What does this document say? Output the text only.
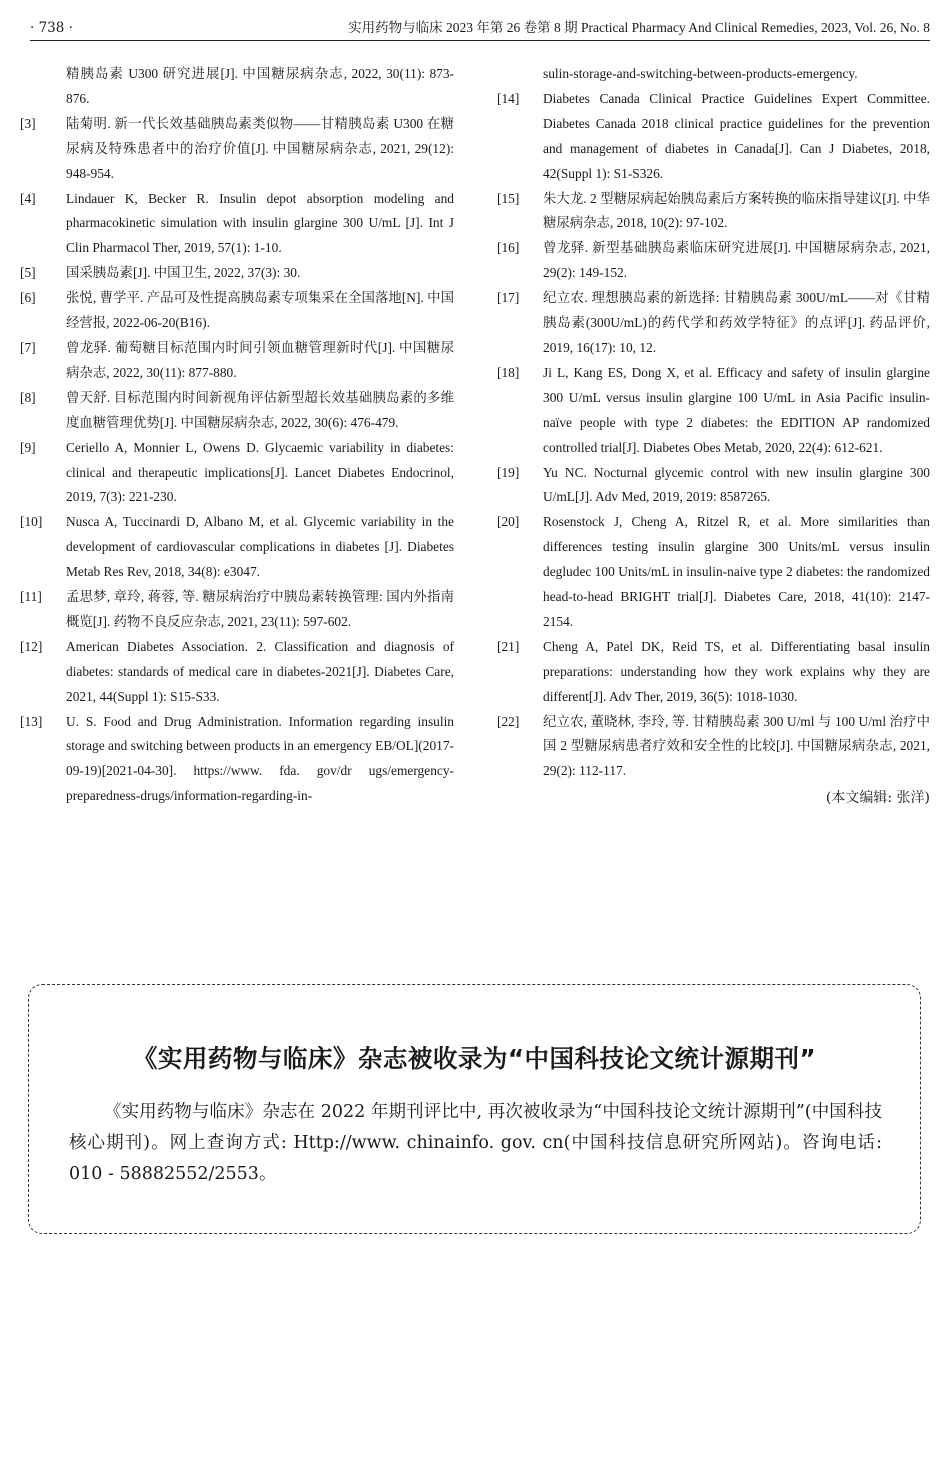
· 738 ·	实用药物与临床 2023 年第 26 卷第 8 期 Practical Pharmacy And Clinical Remedies, 2023, Vol. 26, No. 8
精胰岛素 U300 研究进展[J]. 中国糖尿病杂志, 2022, 30(11): 873-876.
[3]	陆菊明. 新一代长效基础胰岛素类似物——甘精胰岛素 U300 在糖尿病及特殊患者中的治疗价值[J]. 中国糖尿病杂志, 2021, 29(12): 948-954.
[4]	Lindauer K, Becker R. Insulin depot absorption modeling and pharmacokinetic simulation with insulin glargine 300 U/mL [J]. Int J Clin Pharmacol Ther, 2019, 57(1): 1-10.
[5]	国采胰岛素[J]. 中国卫生, 2022, 37(3): 30.
[6]	张悦, 曹学平. 产品可及性提高胰岛素专项集采在全国落地[N]. 中国经营报, 2022-06-20(B16).
[7]	曾龙驿. 葡萄糖目标范围内时间引领血糖管理新时代[J]. 中国糖尿病杂志, 2022, 30(11): 877-880.
[8]	曾天舒. 目标范围内时间新视角评估新型超长效基础胰岛素的多维度血糖管理优势[J]. 中国糖尿病杂志, 2022, 30(6): 476-479.
[9]	Ceriello A, Monnier L, Owens D. Glycaemic variability in diabetes: clinical and therapeutic implications[J]. Lancet Diabetes Endocrinol, 2019, 7(3): 221-230.
[10]	Nusca A, Tuccinardi D, Albano M, et al. Glycemic variability in the development of cardiovascular complications in diabetes [J]. Diabetes Metab Res Rev, 2018, 34(8): e3047.
[11]	孟思梦, 章玲, 蒋蓉, 等. 糖尿病治疗中胰岛素转换管理: 国内外指南概览[J]. 药物不良反应杂志, 2021, 23(11): 597-602.
[12]	American Diabetes Association. 2. Classification and diagnosis of diabetes: standards of medical care in diabetes-2021[J]. Diabetes Care, 2021, 44(Suppl 1): S15-S33.
[13]	U. S. Food and Drug Administration. Information regarding insulin storage and switching between products in an emergency EB/OL](2017-09-19)[2021-04-30]. https://www. fda. gov/dr ugs/emergency-preparedness-drugs/information-regarding-in-
sulin-storage-and-switching-between-products-emergency.
[14]	Diabetes Canada Clinical Practice Guidelines Expert Committee. Diabetes Canada 2018 clinical practice guidelines for the prevention and management of diabetes in Canada[J]. Can J Diabetes, 2018, 42(Suppl 1): S1-S326.
[15]	朱大龙. 2 型糖尿病起始胰岛素后方案转换的临床指导建议[J]. 中华糖尿病杂志, 2018, 10(2): 97-102.
[16]	曾龙驿. 新型基础胰岛素临床研究进展[J]. 中国糖尿病杂志, 2021, 29(2): 149-152.
[17]	纪立农. 理想胰岛素的新选择: 甘精胰岛素 300U/mL——对《甘精胰岛素(300U/mL)的药代学和药效学特征》的点评[J]. 药品评价, 2019, 16(17): 10, 12.
[18]	Ji L, Kang ES, Dong X, et al. Efficacy and safety of insulin glargine 300 U/mL versus insulin glargine 100 U/mL in Asia Pacific insulin-naïve people with type 2 diabetes: the EDITION AP randomized controlled trial[J]. Diabetes Obes Metab, 2020, 22(4): 612-621.
[19]	Yu NC. Nocturnal glycemic control with new insulin glargine 300 U/mL[J]. Adv Med, 2019, 2019: 8587265.
[20]	Rosenstock J, Cheng A, Ritzel R, et al. More similarities than differences testing insulin glargine 300 Units/mL versus insulin degludec 100 Units/mL in insulin-naive type 2 diabetes: the randomized head-to-head BRIGHT trial[J]. Diabetes Care, 2018, 41(10): 2147-2154.
[21]	Cheng A, Patel DK, Reid TS, et al. Differentiating basal insulin preparations: understanding how they work explains why they are different[J]. Adv Ther, 2019, 36(5): 1018-1030.
[22]	纪立农, 董晓林, 李玲, 等. 甘精胰岛素 300 U/ml 与 100 U/ml 治疗中国 2 型糖尿病患者疗效和安全性的比较[J]. 中国糖尿病杂志, 2021, 29(2): 112-117.
(本文编辑: 张洋)
《实用药物与临床》杂志被收录为“中国科技论文统计源期刊”
《实用药物与临床》杂志在 2022 年期刊评比中, 再次被收录为“中国科技论文统计源期刊”(中国科技核心期刊)。网上查询方式: Http://www. chinainfo. gov. cn(中国科技信息研究所网站)。咨询电话: 010 - 58882552/2553。
